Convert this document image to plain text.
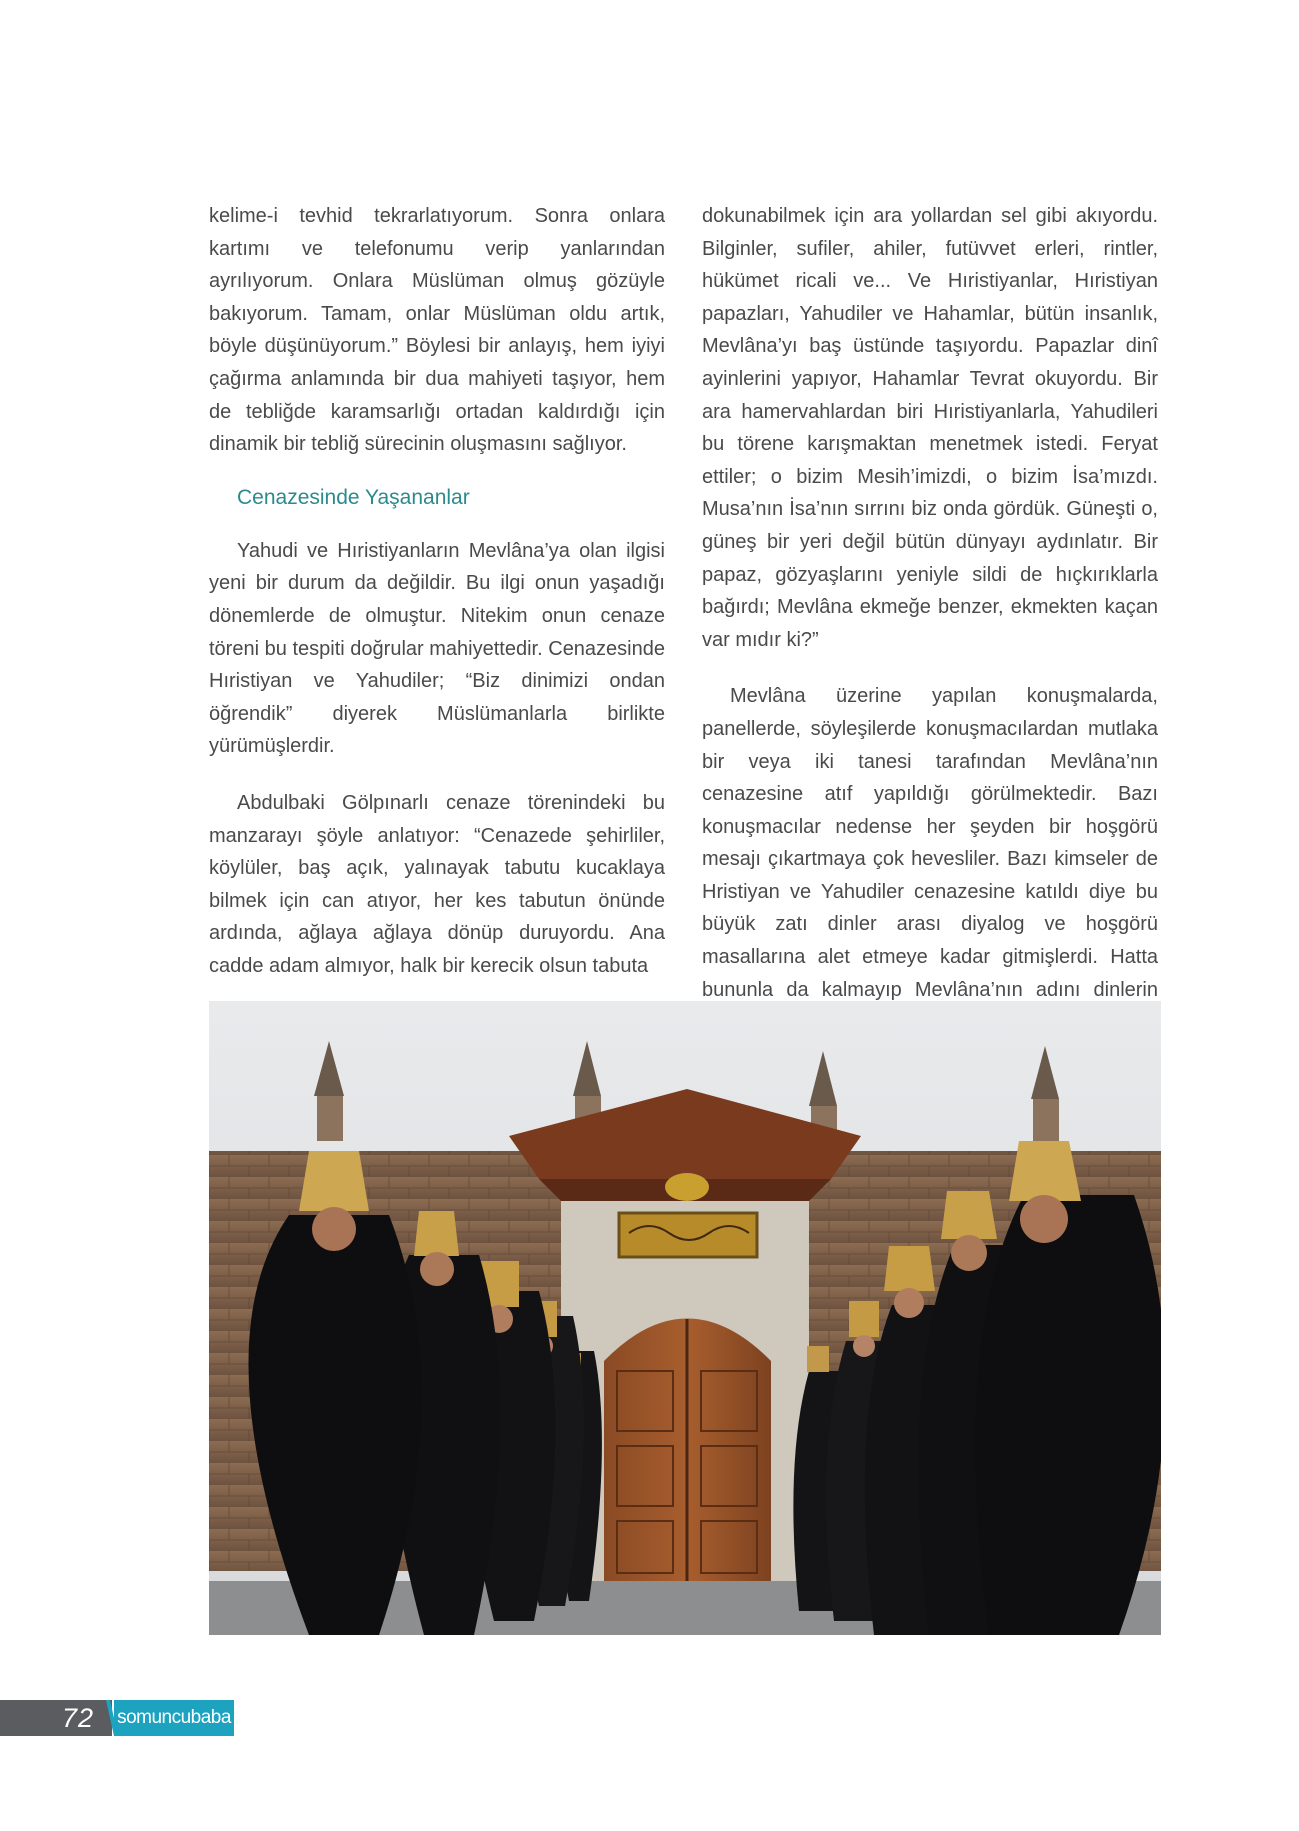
kelime-i tevhid tekrarlatıyorum. Sonra onlara kartımı ve telefonumu verip yanlarından ayrılıyorum. Onlara Müslüman olmuş gözüyle bakıyorum. Tamam, onlar Müslüman oldu artık, böyle düşünüyorum.” Böylesi bir anlayış, hem iyiyi çağırma anlamında bir dua mahiyeti taşıyor, hem de tebliğde karamsarlığı ortadan kaldırdığı için dinamik bir tebliğ sürecinin oluşmasını sağlıyor.

Cenazesinde Yaşananlar

Yahudi ve Hıristiyanların Mevlâna’ya olan ilgisi yeni bir durum da değildir. Bu ilgi onun yaşadığı dönemlerde de olmuştur. Nitekim onun cenaze töreni bu tespiti doğrular mahiyettedir. Cenazesinde Hıristiyan ve Yahudiler; “Biz dinimizi ondan öğrendik” diyerek Müslümanlarla birlikte yürümüşlerdir.

Abdulbaki Gölpınarlı cenaze törenindeki bu manzarayı şöyle anlatıyor: “Cenazede şehirliler, köylüler, baş açık, yalınayak tabutu kucaklaya bilmek için can atıyor, her kes tabutun önünde ardında, ağlaya ağlaya dönüp duruyordu. Ana cadde adam almıyor, halk bir kerecik olsun tabuta

dokunabilmek için ara yollardan sel gibi akıyordu. Bilginler, sufiler, ahiler, futüvvet erleri, rintler, hükümet ricali ve... Ve Hıristiyanlar, Hıristiyan papazları, Yahudiler ve Hahamlar, bütün insanlık, Mevlâna’yı baş üstünde taşıyordu. Papazlar dinî ayinlerini yapıyor, Hahamlar Tevrat okuyordu. Bir ara hamervahlardan biri Hıristiyanlarla, Yahudileri bu törene karışmaktan menetmek istedi. Feryat ettiler; o bizim Mesih’imizdi, o bizim İsa’mızdı. Musa’nın İsa’nın sırrını biz onda gördük. Güneşti o, güneş bir yeri değil bütün dünyayı aydınlatır. Bir papaz, gözyaşlarını yeniyle sildi de hıçkırıklarla bağırdı; Mevlâna ekmeğe benzer, ekmekten kaçan var mıdır ki?”

Mevlâna üzerine yapılan konuşmalarda, panellerde, söyleşilerde konuşmacılardan mutlaka bir veya iki tanesi tarafından Mevlâna’nın cenazesine atıf yapıldığı görülmektedir. Bazı konuşmacılar nedense her şeyden bir hoşgörü mesajı çıkartmaya çok hevesliler. Bazı kimseler de Hristiyan ve Yahudiler cenazesine katıldı diye bu büyük zatı dinler arası diyalog ve hoşgörü masallarına alet etmeye kadar gitmişlerdi. Hatta bununla da kalmayıp Mevlâna’nın adını dinlerin

72 somuncubaba
